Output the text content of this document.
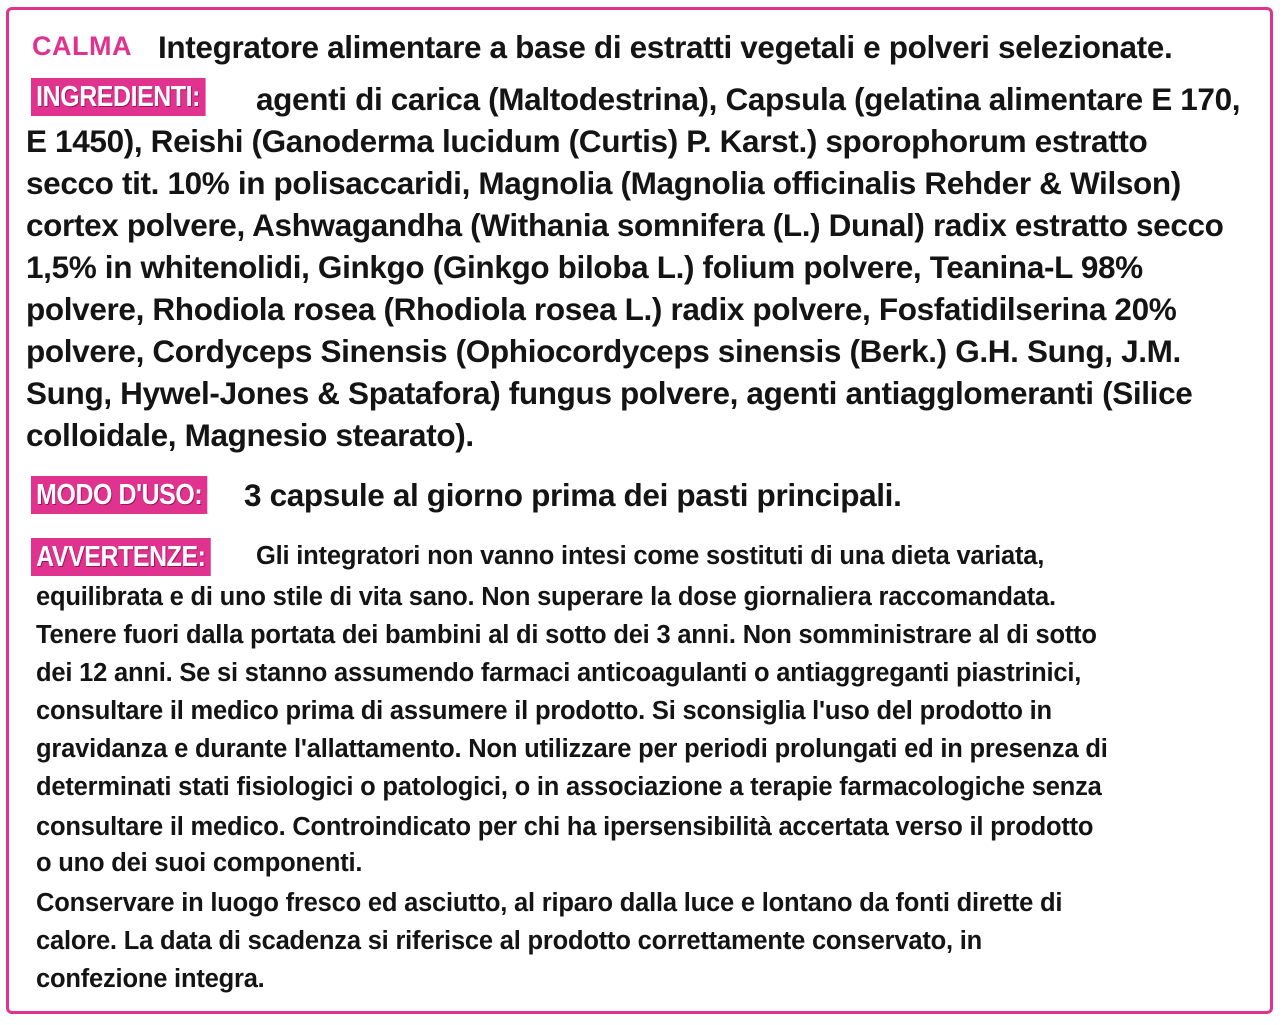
CALMA Integratore alimentare a base di estratti vegetali e polveri selezionate.
INGREDIENTI: agenti di carica (Maltodestrina), Capsula (gelatina alimentare E 170,
E 1450), Reishi (Ganoderma lucidum (Curtis) P. Karst.) sporophorum estratto
secco tit. 10% in polisaccaridi, Magnolia (Magnolia officinalis Rehder & Wilson)
cortex polvere, Ashwagandha (Withania somnifera (L.) Dunal) radix estratto secco
1,5% in whitenolidi, Ginkgo (Ginkgo biloba L.) folium polvere, Teanina-L 98%
polvere, Rhodiola rosea (Rhodiola rosea L.) radix polvere, Fosfatidilserina 20%
polvere, Cordyceps Sinensis (Ophiocordyceps sinensis (Berk.) G.H. Sung, J.M.
Sung, Hywel-Jones & Spatafora) fungus polvere, agenti antiagglomeranti (Silice
colloidale, Magnesio stearato).
MODO D'USO: 3 capsule al giorno prima dei pasti principali.
AVVERTENZE: Gli integratori non vanno intesi come sostituti di una dieta variata,
equilibrata e di uno stile di vita sano. Non superare la dose giornaliera raccomandata.
Tenere fuori dalla portata dei bambini al di sotto dei 3 anni. Non somministrare al di sotto
dei 12 anni. Se si stanno assumendo farmaci anticoagulanti o antiaggreganti piastrinici,
consultare il medico prima di assumere il prodotto. Si sconsiglia l'uso del prodotto in
gravidanza e durante l'allattamento. Non utilizzare per periodi prolungati ed in presenza di
determinati stati fisiologici o patologici, o in associazione a terapie farmacologiche senza
consultare il medico. Controindicato per chi ha ipersensibilità accertata verso il prodotto
o uno dei suoi componenti.
Conservare in luogo fresco ed asciutto, al riparo dalla luce e lontano da fonti dirette di
calore. La data di scadenza si riferisce al prodotto correttamente conservato, in
confezione integra.
